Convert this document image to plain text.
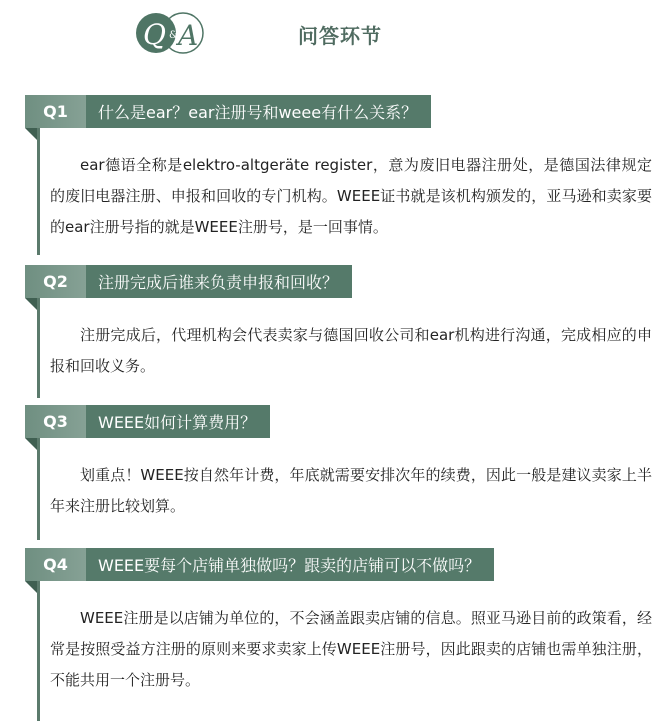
Q & A	问答环节
Q1	什么是ear？ear注册号和weee有什么关系？
ear德语全称是elektro-altgeräte register，意为废旧电器注册处，是德国法律规定的废旧电器注册、申报和回收的专门机构。WEEE证书就是该机构颁发的，亚马逊和卖家要的ear注册号指的就是WEEE注册号，是一回事情。
Q2	注册完成后谁来负责申报和回收？
注册完成后，代理机构会代表卖家与德国回收公司和ear机构进行沟通，完成相应的申报和回收义务。
Q3	WEEE如何计算费用？
划重点！WEEE按自然年计费，年底就需要安排次年的续费，因此一般是建议卖家上半年来注册比较划算。
Q4	WEEE要每个店铺单独做吗？跟卖的店铺可以不做吗？
WEEE注册是以店铺为单位的，不会涵盖跟卖店铺的信息。照亚马逊目前的政策看，经常是按照受益方注册的原则来要求卖家上传WEEE注册号，因此跟卖的店铺也需单独注册，不能共用一个注册号。
